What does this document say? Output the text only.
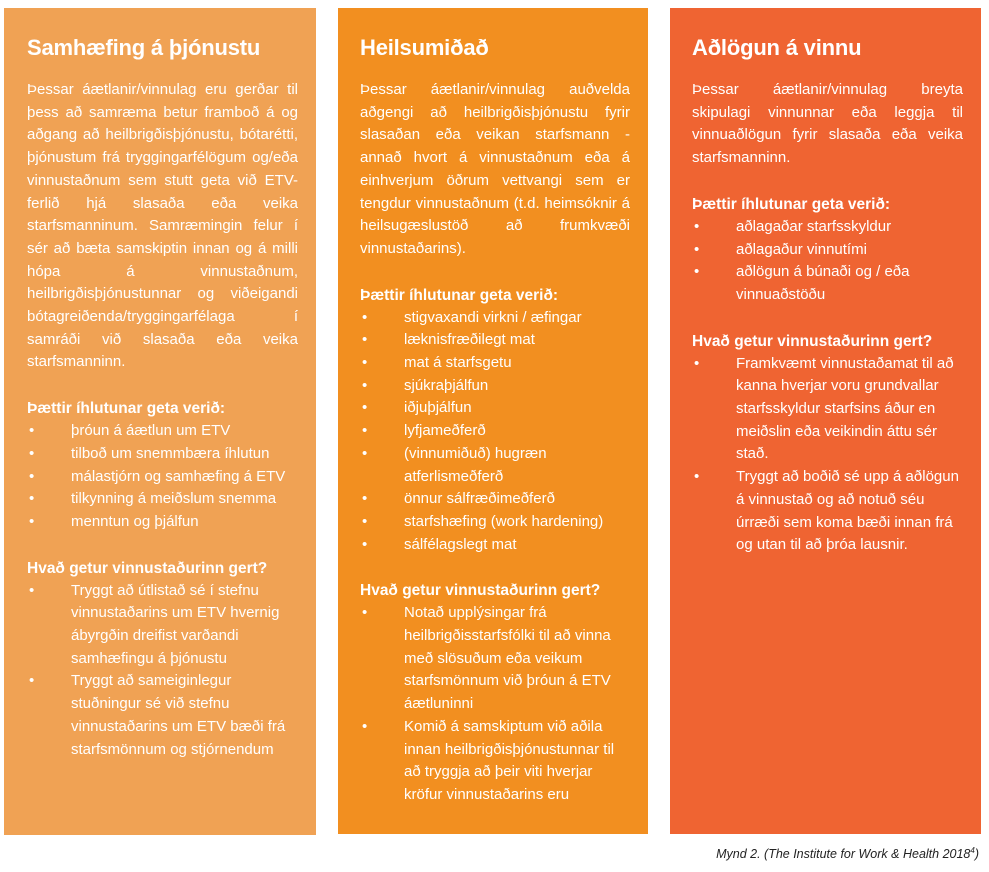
Samhæfing á þjónustu

Þessar áætlanir/vinnulag eru gerðar til þess að samræma betur framboð á og aðgang að heilbrigðisþjónustu, bótarétti, þjónustum frá tryggingarfélögum og/eða vinnustaðnum sem stutt geta við ETV-ferlið hjá slasaða eða veika starfsmanninum. Samræmingin felur í sér að bæta samskiptin innan og á milli hópa á vinnustaðnum, heilbrigðisþjónustunnar og viðeigandi bótagreiðenda/tryggingarfélaga í samráði við slasaða eða veika starfsmanninn.

Þættir íhlutunar geta verið:
• þróun á áætlun um ETV
• tilboð um snemmbæra íhlutun
• málastjórn og samhæfing á ETV
• tilkynning á meiðslum snemma
• menntun og þjálfun
Hvað getur vinnustaðurinn gert?
• Tryggt að útlistað sé í stefnu vinnustaðarins um ETV hvernig ábyrgðin dreifist varðandi samhæfingu á þjónustu
• Tryggt að sameiginlegur stuðningur sé við stefnu vinnustaðarins um ETV bæði frá starfsmönnum og stjórnendum
Heilsumiðað

Þessar áætlanir/vinnulag auðvelda aðgengi að heilbrigðisþjónustu fyrir slasaðan eða veikan starfsmann - annað hvort á vinnustaðnum eða á einhverjum öðrum vettvangi sem er tengdur vinnustaðnum (t.d. heimsóknir á heilsugæslustöð að frumkvæði vinnustaðarins).

Þættir íhlutunar geta verið:
• stigvaxandi virkni / æfingar
• læknisfræðilegt mat
• mat á starfsgetu
• sjúkraþjálfun
• iðjuþjálfun
• lyfjameðferð
• (vinnumiðuð) hugræn atferlismeðferð
• önnur sálfræðimeðferð
• starfshæfing (work hardening)
• sálfélagslegt mat
Hvað getur vinnustaðurinn gert?
• Notað upplýsingar frá heilbrigðisstarfsfólki til að vinna með slösuðum eða veikum starfsmönnum við þróun á ETV áætluninni
• Komið á samskiptum við aðila innan heilbrigðisþjónustunnar til að tryggja að þeir viti hverjar kröfur vinnustaðarins eru
Aðlögun á vinnu

Þessar áætlanir/vinnulag breyta skipulagi vinnunnar eða leggja til vinnuaðlögun fyrir slasaða eða veika starfsmanninn.

Þættir íhlutunar geta verið:
• aðlagaðar starfsskyldur
• aðlagaður vinnutími
• aðlögun á búnaði og / eða vinnuaðstöðu
Hvað getur vinnustaðurinn gert?
• Framkvæmt vinnustaðamat til að kanna hverjar voru grundvallar starfsskyldur starfsins áður en meiðslin eða veikindin áttu sér stað.
• Tryggt að boðið sé upp á aðlögun á vinnustað og að notuð séu úrræði sem koma bæði innan frá og utan til að þróa lausnir.
Mynd 2. (The Institute for Work & Health 2018$^4$)
